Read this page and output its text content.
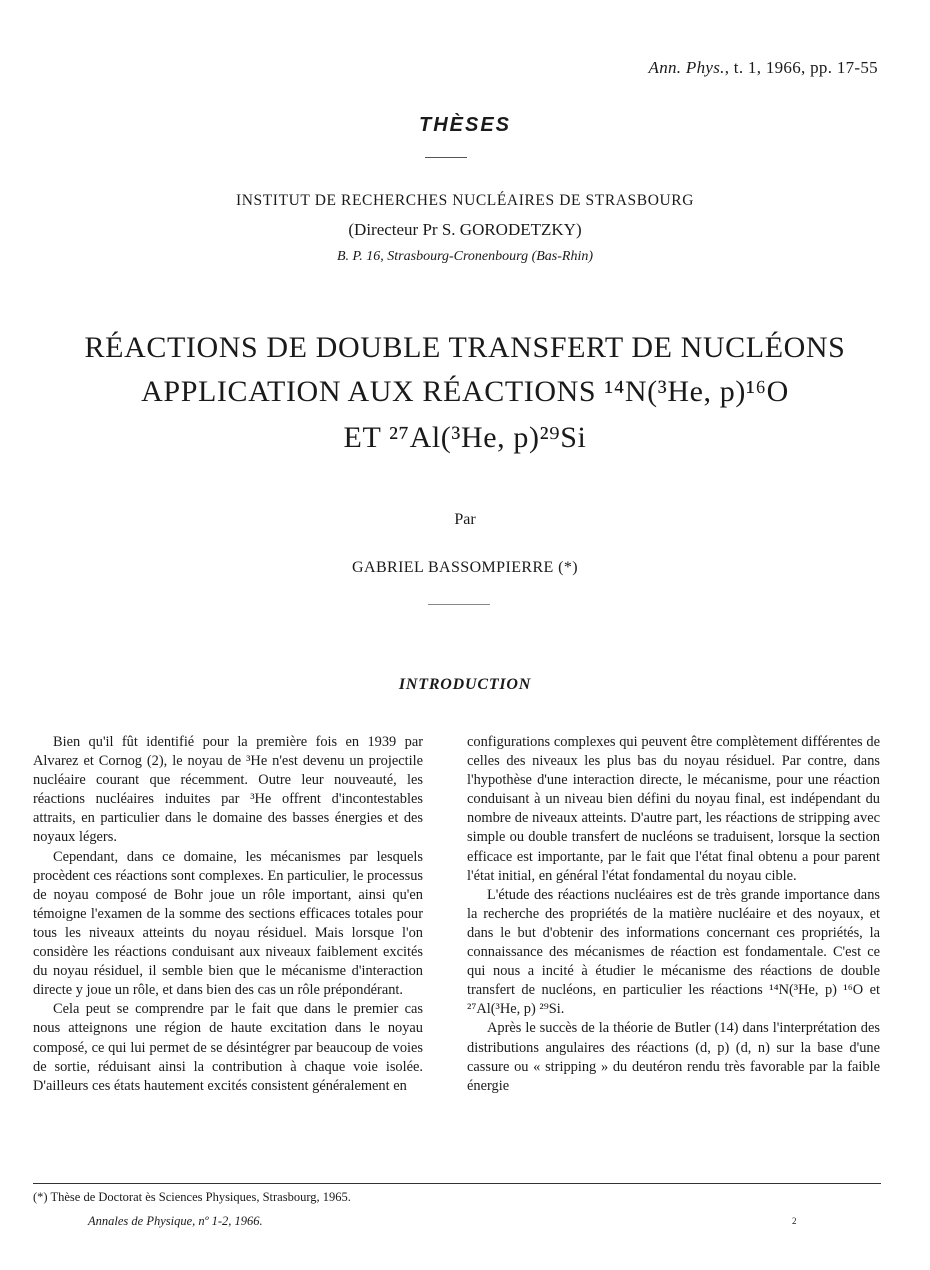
Ann. Phys., t. 1, 1966, pp. 17-55
THÈSES
INSTITUT DE RECHERCHES NUCLÉAIRES DE STRASBOURG
(Directeur Pr S. GORODETZKY)
B. P. 16, Strasbourg-Cronenbourg (Bas-Rhin)
RÉACTIONS DE DOUBLE TRANSFERT DE NUCLÉONS
APPLICATION AUX RÉACTIONS ¹⁴N(³He, p)¹⁶O
ET ²⁷Al(³He, p)²⁹Si
Par
GABRIEL BASSOMPIERRE (*)
INTRODUCTION

Bien qu'il fût identifié pour la première fois en 1939 par Alvarez et Cornog (2), le noyau de ³He n'est devenu un projectile nucléaire courant que récemment. Outre leur nouveauté, les réactions nucléaires induites par ³He offrent d'incontestables attraits, en particulier dans le domaine des basses énergies et des noyaux légers.

Cependant, dans ce domaine, les mécanismes par lesquels procèdent ces réactions sont complexes. En particulier, le processus de noyau composé de Bohr joue un rôle important, ainsi qu'en témoigne l'examen de la somme des sections efficaces totales pour tous les niveaux atteints du noyau résiduel. Mais lorsque l'on considère les réactions conduisant aux niveaux faiblement excités du noyau résiduel, il semble bien que le mécanisme d'interaction directe y joue un rôle, et dans bien des cas un rôle prépondérant.

Cela peut se comprendre par le fait que dans le premier cas nous atteignons une région de haute excitation dans le noyau composé, ce qui lui permet de se désintégrer par beaucoup de voies de sortie, réduisant ainsi la contribution à chaque voie isolée. D'ailleurs ces états hautement excités consistent généralement en

configurations complexes qui peuvent être complètement différentes de celles des niveaux les plus bas du noyau résiduel. Par contre, dans l'hypothèse d'une interaction directe, le mécanisme, pour une réaction conduisant à un niveau bien défini du noyau final, est indépendant du nombre de niveaux atteints. D'autre part, les réactions de stripping avec simple ou double transfert de nucléons se traduisent, lorsque la section efficace est importante, par le fait que l'état final obtenu a pour parent l'état initial, en général l'état fondamental du noyau cible.

L'étude des réactions nucléaires est de très grande importance dans la recherche des propriétés de la matière nucléaire et des noyaux, et dans le but d'obtenir des informations concernant ces propriétés, la connaissance des mécanismes de réaction est fondamentale. C'est ce qui nous a incité à étudier le mécanisme des réactions de double transfert de nucléons, en particulier les réactions ¹⁴N(³He, p) ¹⁶O et ²⁷Al(³He, p) ²⁹Si.

Après le succès de la théorie de Butler (14) dans l'interprétation des distributions angulaires des réactions (d, p) (d, n) sur la base d'une cassure ou « stripping » du deutéron rendu très favorable par la faible énergie

(*) Thèse de Doctorat ès Sciences Physiques, Strasbourg, 1965.
Annales de Physique, nº 1-2, 1966.	2
